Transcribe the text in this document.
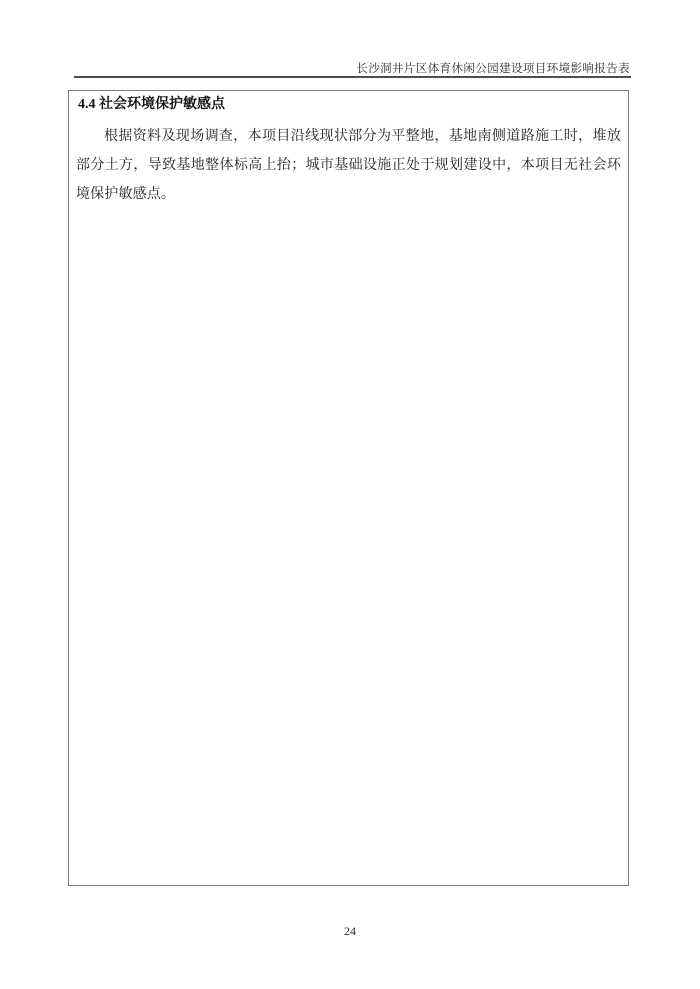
长沙洞井片区体育休闲公园建设项目环境影响报告表
4.4 社会环境保护敏感点

根据资料及现场调查，本项目沿线现状部分为平整地，基地南侧道路施工时，堆放部分土方，导致基地整体标高上抬；城市基础设施正处于规划建设中，本项目无社会环境保护敏感点。

24
